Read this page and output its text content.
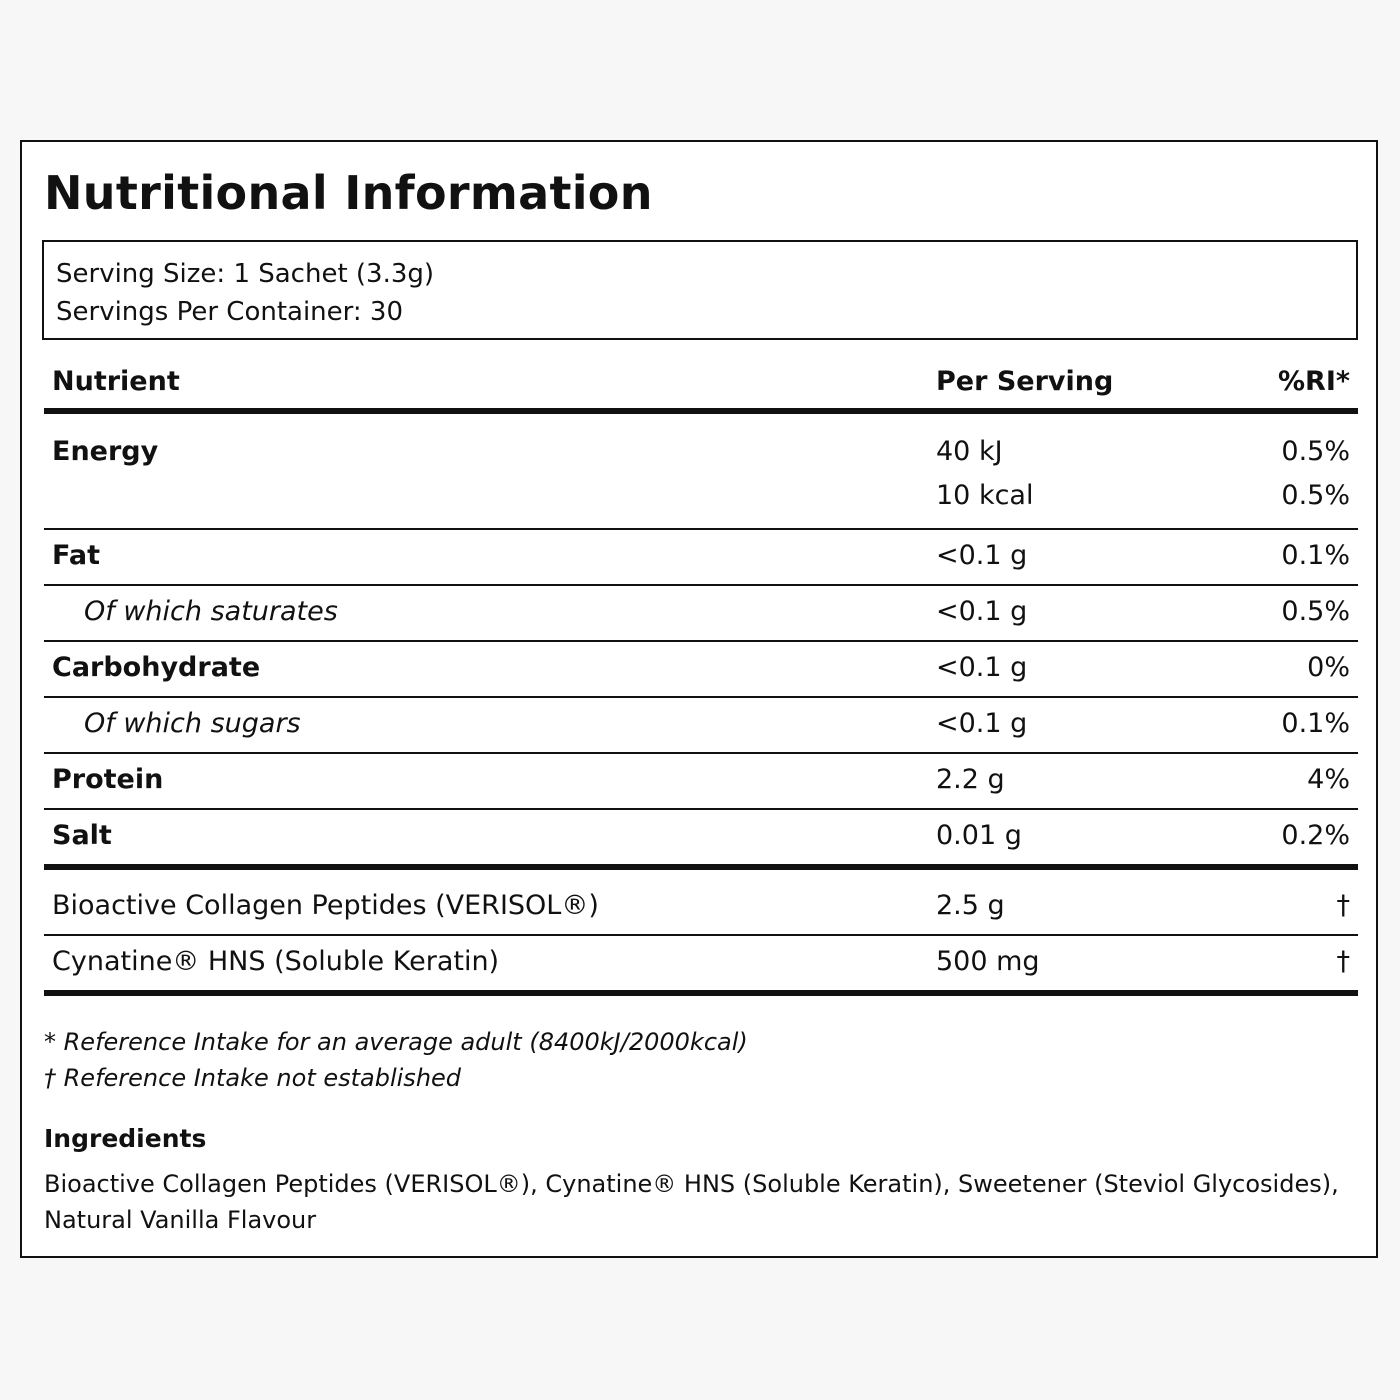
Nutritional Information
Serving Size: 1 Sachet (3.3g)
Servings Per Container: 30
Nutrient	Per Serving	%RI*
Energy	40 kJ	0.5%
10 kcal	0.5%
Fat	<0.1 g	0.1%
Of which saturates	<0.1 g	0.5%
Carbohydrate	<0.1 g	0%
Of which sugars	<0.1 g	0.1%
Protein	2.2 g	4%
Salt	0.01 g	0.2%
Bioactive Collagen Peptides (VERISOL®)	2.5 g	†
Cynatine® HNS (Soluble Keratin)	500 mg	†
* Reference Intake for an average adult (8400kJ/2000kcal)
† Reference Intake not established
Ingredients
Bioactive Collagen Peptides (VERISOL®), Cynatine® HNS (Soluble Keratin), Sweetener (Steviol Glycosides), Natural Vanilla Flavour
